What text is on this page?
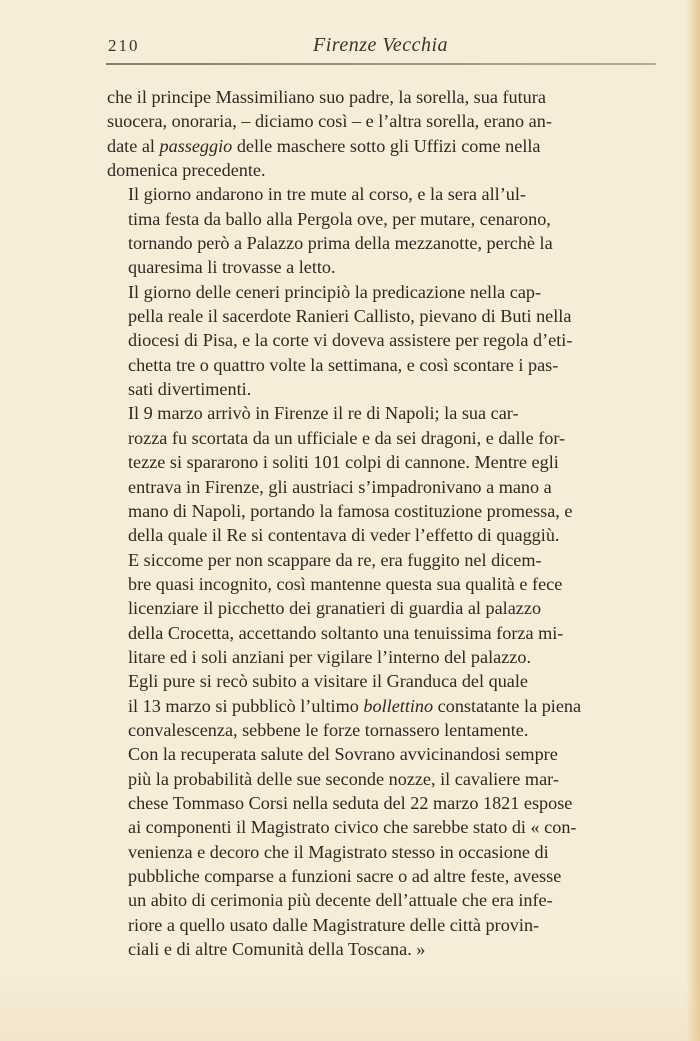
210	Firenze Vecchia

che il principe Massimiliano suo padre, la sorella, sua futura
suocera, onoraria, – diciamo così – e l’altra sorella, erano an-
date al passeggio delle maschere sotto gli Uffizi come nella
domenica precedente.

Il giorno andarono in tre mute al corso, e la sera all’ul-
tima festa da ballo alla Pergola ove, per mutare, cenarono,
tornando però a Palazzo prima della mezzanotte, perchè la
quaresima li trovasse a letto.

Il giorno delle ceneri principiò la predicazione nella cap-
pella reale il sacerdote Ranieri Callisto, pievano di Buti nella
diocesi di Pisa, e la corte vi doveva assistere per regola d’eti-
chetta tre o quattro volte la settimana, e così scontare i pas-
sati divertimenti.

Il 9 marzo arrivò in Firenze il re di Napoli; la sua car-
rozza fu scortata da un ufficiale e da sei dragoni, e dalle for-
tezze si spararono i soliti 101 colpi di cannone. Mentre egli
entrava in Firenze, gli austriaci s’impadronivano a mano a
mano di Napoli, portando la famosa costituzione promessa, e
della quale il Re si contentava di veder l’effetto di quaggiù.

E siccome per non scappare da re, era fuggito nel dicem-
bre quasi incognito, così mantenne questa sua qualità e fece
licenziare il picchetto dei granatieri di guardia al palazzo
della Crocetta, accettando soltanto una tenuissima forza mi-
litare ed i soli anziani per vigilare l’interno del palazzo.

Egli pure si recò subito a visitare il Granduca del quale
il 13 marzo si pubblicò l’ultimo bollettino constatante la piena
convalescenza, sebbene le forze tornassero lentamente.

Con la recuperata salute del Sovrano avvicinandosi sempre
più la probabilità delle sue seconde nozze, il cavaliere mar-
chese Tommaso Corsi nella seduta del 22 marzo 1821 espose
ai componenti il Magistrato civico che sarebbe stato di « con-
venienza e decoro che il Magistrato stesso in occasione di
pubbliche comparse a funzioni sacre o ad altre feste, avesse
un abito di cerimonia più decente dell’attuale che era infe-
riore a quello usato dalle Magistrature delle città provin-
ciali e di altre Comunità della Toscana. »
